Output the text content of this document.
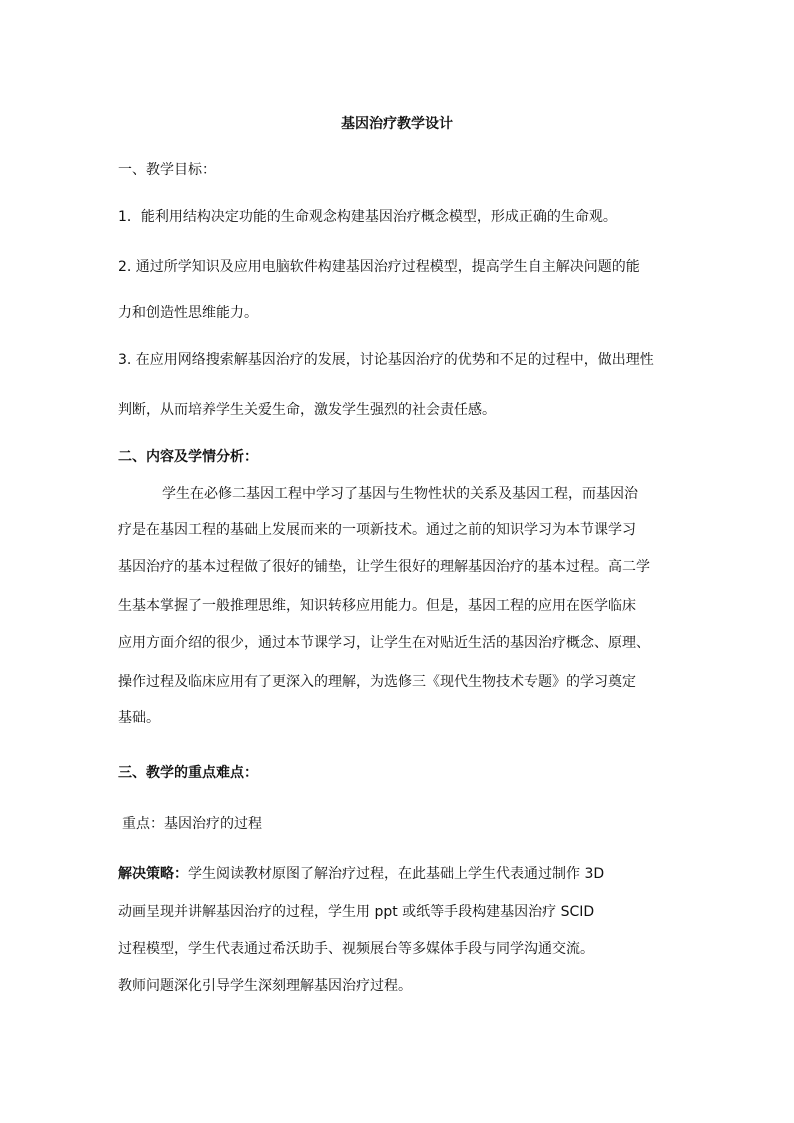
基因治疗教学设计
一、教学目标：
1．能利用结构决定功能的生命观念构建基因治疗概念模型，形成正确的生命观。
2. 通过所学知识及应用电脑软件构建基因治疗过程模型，提高学生自主解决问题的能
力和创造性思维能力。
3. 在应用网络搜索解基因治疗的发展，讨论基因治疗的优势和不足的过程中，做出理性
判断，从而培养学生关爱生命，激发学生强烈的社会责任感。
二、内容及学情分析：
学生在必修二基因工程中学习了基因与生物性状的关系及基因工程，而基因治
疗是在基因工程的基础上发展而来的一项新技术。通过之前的知识学习为本节课学习
基因治疗的基本过程做了很好的铺垫，让学生很好的理解基因治疗的基本过程。高二学
生基本掌握了一般推理思维，知识转移应用能力。但是，基因工程的应用在医学临床
应用方面介绍的很少，通过本节课学习，让学生在对贴近生活的基因治疗概念、原理、
操作过程及临床应用有了更深入的理解，为选修三《现代生物技术专题》的学习奠定
基础。
三、教学的重点难点：
重点：基因治疗的过程
解决策略：学生阅读教材原图了解治疗过程，在此基础上学生代表通过制作 3D
动画呈现并讲解基因治疗的过程，学生用 ppt 或纸等手段构建基因治疗 SCID
过程模型，学生代表通过希沃助手、视频展台等多媒体手段与同学沟通交流。
教师问题深化引导学生深刻理解基因治疗过程。
